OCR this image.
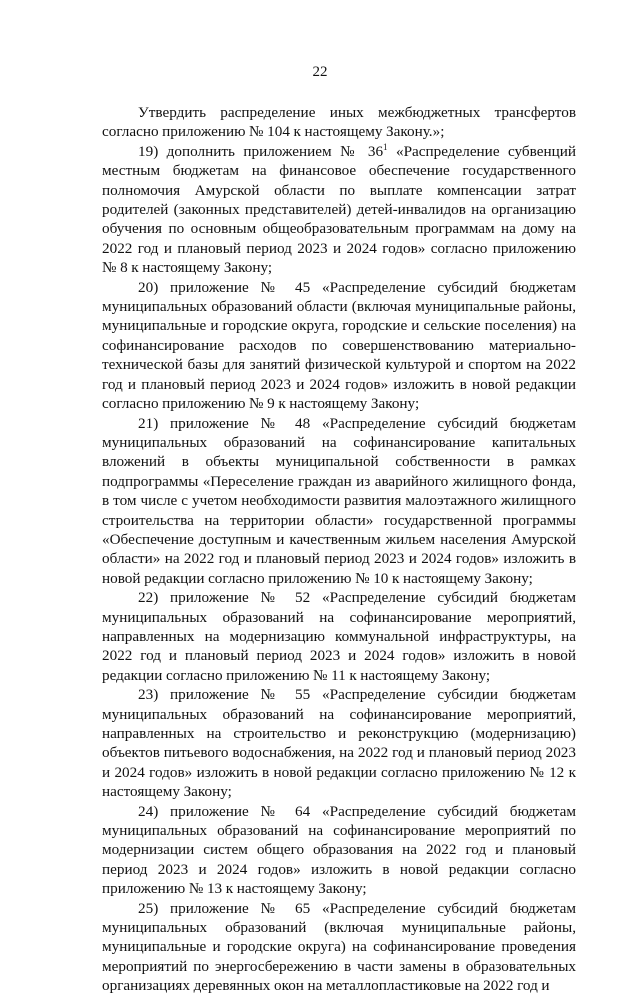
22

Утвердить распределение иных межбюджетных трансфертов согласно приложению № 104 к настоящему Закону.»;

19) дополнить приложением № $36^1$ «Распределение субвенций местным бюджетам на финансовое обеспечение государственного полномочия Амурской области по выплате компенсации затрат родителей (законных представителей) детей-инвалидов на организацию обучения по основным общеобразовательным программам на дому на 2022 год и плановый период 2023 и 2024 годов» согласно приложению № 8 к настоящему Закону;

20) приложение № 45 «Распределение субсидий бюджетам муниципальных образований области (включая муниципальные районы, муниципальные и городские округа, городские и сельские поселения) на софинансирование расходов по совершенствованию материально-технической базы для занятий физической культурой и спортом на 2022 год и плановый период 2023 и 2024 годов» изложить в новой редакции согласно приложению № 9 к настоящему Закону;

21) приложение № 48 «Распределение субсидий бюджетам муниципальных образований на софинансирование капитальных вложений в объекты муниципальной собственности в рамках подпрограммы «Переселение граждан из аварийного жилищного фонда, в том числе с учетом необходимости развития малоэтажного жилищного строительства на территории области» государственной программы «Обеспечение доступным и качественным жильем населения Амурской области» на 2022 год и плановый период 2023 и 2024 годов» изложить в новой редакции согласно приложению № 10 к настоящему Закону;

22) приложение № 52 «Распределение субсидий бюджетам муниципальных образований на софинансирование мероприятий, направленных на модернизацию коммунальной инфраструктуры, на 2022 год и плановый период 2023 и 2024 годов» изложить в новой редакции согласно приложению № 11 к настоящему Закону;

23) приложение № 55 «Распределение субсидии бюджетам муниципальных образований на софинансирование мероприятий, направленных на строительство и реконструкцию (модернизацию) объектов питьевого водоснабжения, на 2022 год и плановый период 2023 и 2024 годов» изложить в новой редакции согласно приложению № 12 к настоящему Закону;

24) приложение № 64 «Распределение субсидий бюджетам муниципальных образований на софинансирование мероприятий по модернизации систем общего образования на 2022 год и плановый период 2023 и 2024 годов» изложить в новой редакции согласно приложению № 13 к настоящему Закону;

25) приложение № 65 «Распределение субсидий бюджетам муниципальных образований (включая муниципальные районы, муниципальные и городские округа) на софинансирование проведения мероприятий по энергосбережению в части замены в образовательных организациях деревянных окон на металлопластиковые на 2022 год и
